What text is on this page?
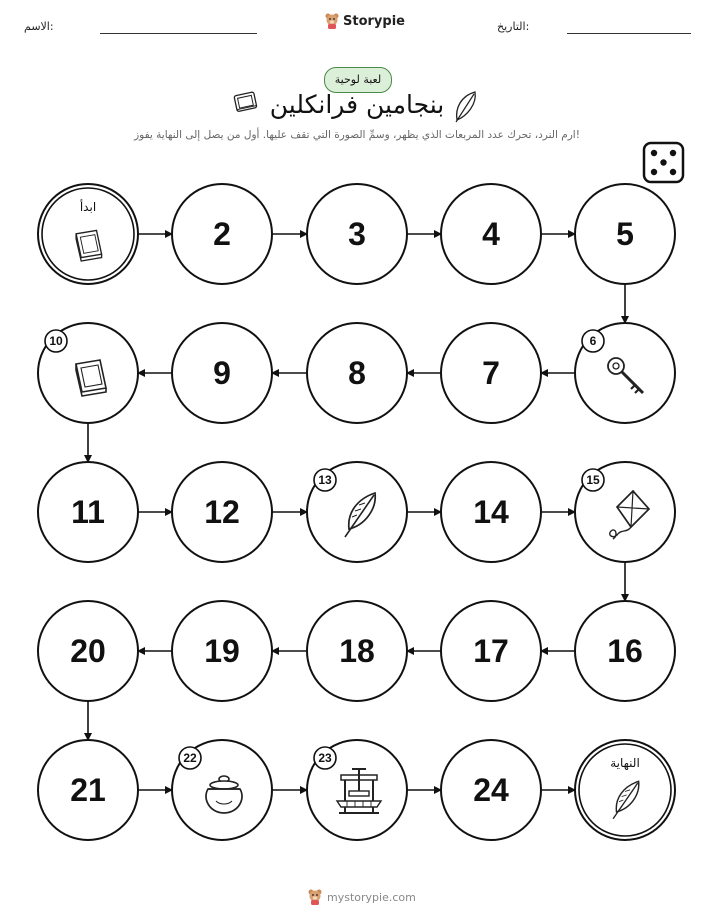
الاسم:	Storypie	التاريخ:
لعبة لوحية
بنجامين فرانكلين
ارم النرد، تحرك عدد المربعات الذي يظهر، وسمِّ الصورة التي تقف عليها. أول من يصل إلى النهاية يفوز!
ابدأ
2	3	4	5
6
7
8
9
10
11	12
13
14
15
16
17
18
19
20
21
22	23
24
النهاية
mystorypie.com
